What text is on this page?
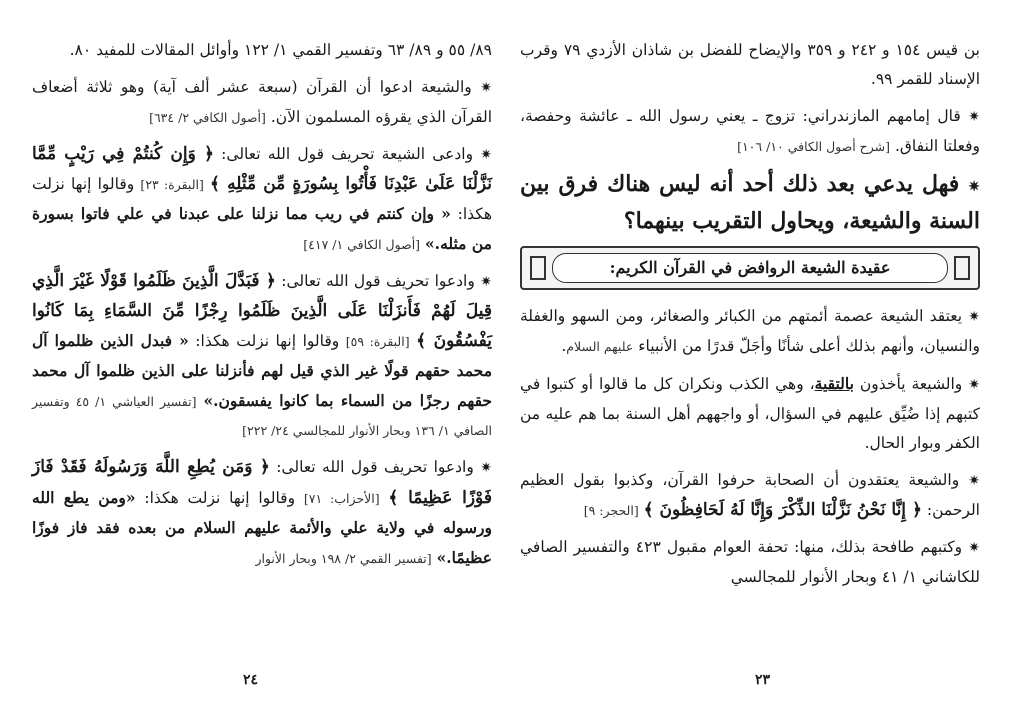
بن قيس ١٥٤ و ٢٤٢ و ٣٥٩ والإيضاح للفضل بن شاذان الأزدي ٧٩ وقرب الإسناد للقمر ٩٩.

✷ قال إمامهم المازندراني: تزوج ـ يعني رسول الله ـ عائشة وحفصة، وفعلتا النفاق. [شرح أصول الكافي ١٠/ ١٠٦]

✷ فهل يدعي بعد ذلك أحد أنه ليس هناك فرق بين السنة والشيعة، ويحاول التقريب بينهما؟

عقيدة الشيعة الروافض في القرآن الكريم:

✷ يعتقد الشيعة عصمة أئمتهم من الكبائر والصغائر، ومن السهو والغفلة والنسيان، وأنهم بذلك أعلى شأنًا وأجَلّ قدرًا من الأنبياء عليهم السلام.

✷ والشيعة يأخذون بالتقية، وهي الكذب ونكران كل ما قالوا أو كتبوا في كتبهم إذا ضُيِّق عليهم في السؤال، أو واجههم أهل السنة بما هم عليه من الكفر وبوار الحال.

✷ والشيعة يعتقدون أن الصحابة حرفوا القرآن، وكذبوا بقول العظيم الرحمن: ﴿ إِنَّا نَحْنُ نَزَّلْنَا الذِّكْرَ وَإِنَّا لَهُ لَحَافِظُونَ ﴾ [الحجر: ٩]

✷ وكتبهم طافحة بذلك، منها: تحفة العوام مقبول ٤٢٣ والتفسير الصافي للكاشاني ١/ ٤١ وبحار الأنوار للمجالسي

٢٣

٨٩/ ٥٥ و ٨٩/ ٦٣ وتفسير القمي ١/ ١٢٢ وأوائل المقالات للمفيد ٨٠.

✷ والشيعة ادعوا أن القرآن (سبعة عشر ألف آية) وهو ثلاثة أضعاف القرآن الذي يقرؤه المسلمون الآن. [أصول الكافي ٢/ ٦٣٤]

✷ وادعى الشيعة تحريف قول الله تعالى: ﴿ وَإِن كُنتُمْ فِي رَيْبٍ مِّمَّا نَزَّلْنَا عَلَىٰ عَبْدِنَا فَأْتُوا بِسُورَةٍ مِّن مِّثْلِهِ ﴾ [البقرة: ٢٣] وقالوا إنها نزلت هكذا: « وإن كنتم في ريب مما نزلنا على عبدنا في علي فاتوا بسورة من مثله.» [أصول الكافي ١/ ٤١٧]

✷ وادعوا تحريف قول الله تعالى: ﴿ فَبَدَّلَ الَّذِينَ ظَلَمُوا قَوْلًا غَيْرَ الَّذِي قِيلَ لَهُمْ فَأَنزَلْنَا عَلَى الَّذِينَ ظَلَمُوا رِجْزًا مِّنَ السَّمَاءِ بِمَا كَانُوا يَفْسُقُونَ ﴾ [البقرة: ٥٩] وقالوا إنها نزلت هكذا: « فبدل الذين ظلموا آل محمد حقهم قولًا غير الذي قيل لهم فأنزلنا على الذين ظلموا آل محمد حقهم رجزًا من السماء بما كانوا يفسقون.» [تفسير العياشي ١/ ٤٥ وتفسير الصافي ١/ ١٣٦ وبحار الأنوار للمجالسي ٢٤/ ٢٢٢]

✷ وادعوا تحريف قول الله تعالى: ﴿ وَمَن يُطِعِ اللَّهَ وَرَسُولَهُ فَقَدْ فَازَ فَوْزًا عَظِيمًا ﴾ [الأحزاب: ٧١] وقالوا إنها نزلت هكذا: «ومن يطع الله ورسوله في ولاية علي والأئمة عليهم السلام من بعده فقد فاز فوزًا عظيمًا.» [تفسير القمي ٢/ ١٩٨ وبحار الأنوار

٢٤
